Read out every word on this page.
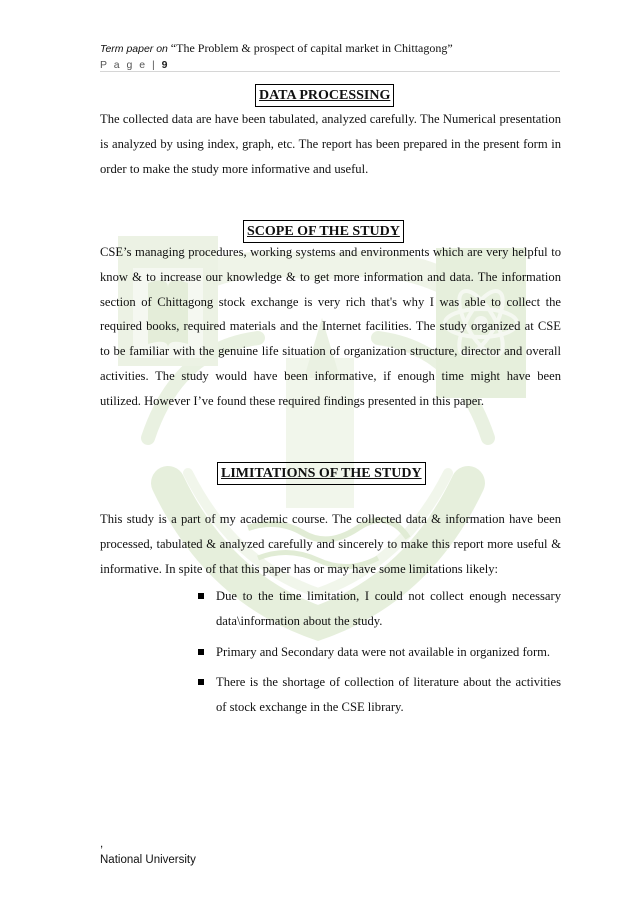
Term paper on “The Problem & prospect of capital market in Chittagong”
P a g e | 9
DATA PROCESSING
The collected data are have been tabulated, analyzed carefully. The Numerical presentation is analyzed by using index, graph, etc. The report has been prepared in the present form in order to make the study more informative and useful.
SCOPE OF THE STUDY
CSE’s managing procedures, working systems and environments which are very helpful to know & to increase our knowledge & to get more information and data. The information section of Chittagong stock exchange is very rich that's why I was able to collect the required books, required materials and the Internet facilities. The study organized at CSE to be familiar with the genuine life situation of organization structure, director and overall activities. The study would have been informative, if enough time might have been utilized. However I’ve found these required findings presented in this paper.
LIMITATIONS OF THE STUDY
This study is a part of my academic course. The collected data & information have been processed, tabulated & analyzed carefully and sincerely to make this report more useful & informative. In spite of that this paper has or may have some limitations likely:
Due to the time limitation, I could not collect enough necessary data\information about the study.
Primary and Secondary data were not available in organized form.
There is the shortage of collection of literature about the activities of stock exchange in the CSE library.
,
National University
